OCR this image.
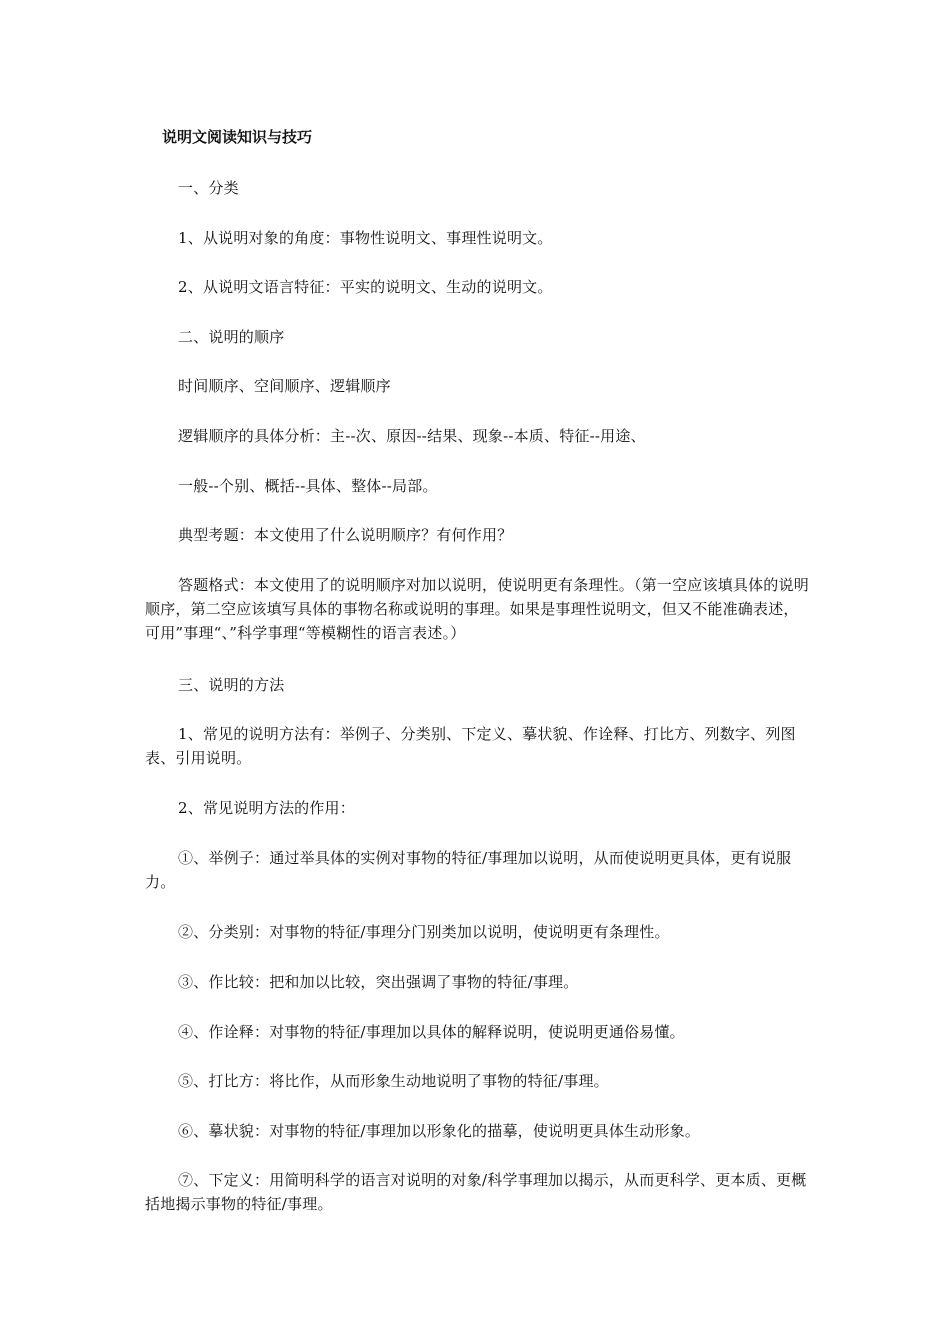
说明文阅读知识与技巧

一、分类

1、从说明对象的角度：事物性说明文、事理性说明文。

2、从说明文语言特征：平实的说明文、生动的说明文。

二、说明的顺序

时间顺序、空间顺序、逻辑顺序

逻辑顺序的具体分析：主--次、原因--结果、现象--本质、特征--用途、

一般--个别、概括--具体、整体--局部。

典型考题：本文使用了什么说明顺序？有何作用？

答题格式：本文使用了的说明顺序对加以说明，使说明更有条理性。（第一空应该填具体的说明顺序，第二空应该填写具体的事物名称或说明的事理。如果是事理性说明文，但又不能准确表述，可用”事理“、”科学事理“等模糊性的语言表述。）

三、说明的方法

1、常见的说明方法有：举例子、分类别、下定义、摹状貌、作诠释、打比方、列数字、列图表、引用说明。

2、常见说明方法的作用：

①、举例子：通过举具体的实例对事物的特征/事理加以说明，从而使说明更具体，更有说服力。

②、分类别：对事物的特征/事理分门别类加以说明，使说明更有条理性。

③、作比较：把和加以比较，突出强调了事物的特征/事理。

④、作诠释：对事物的特征/事理加以具体的解释说明，使说明更通俗易懂。

⑤、打比方：将比作，从而形象生动地说明了事物的特征/事理。

⑥、摹状貌：对事物的特征/事理加以形象化的描摹，使说明更具体生动形象。

⑦、下定义：用简明科学的语言对说明的对象/科学事理加以揭示，从而更科学、更本质、更概括地揭示事物的特征/事理。
